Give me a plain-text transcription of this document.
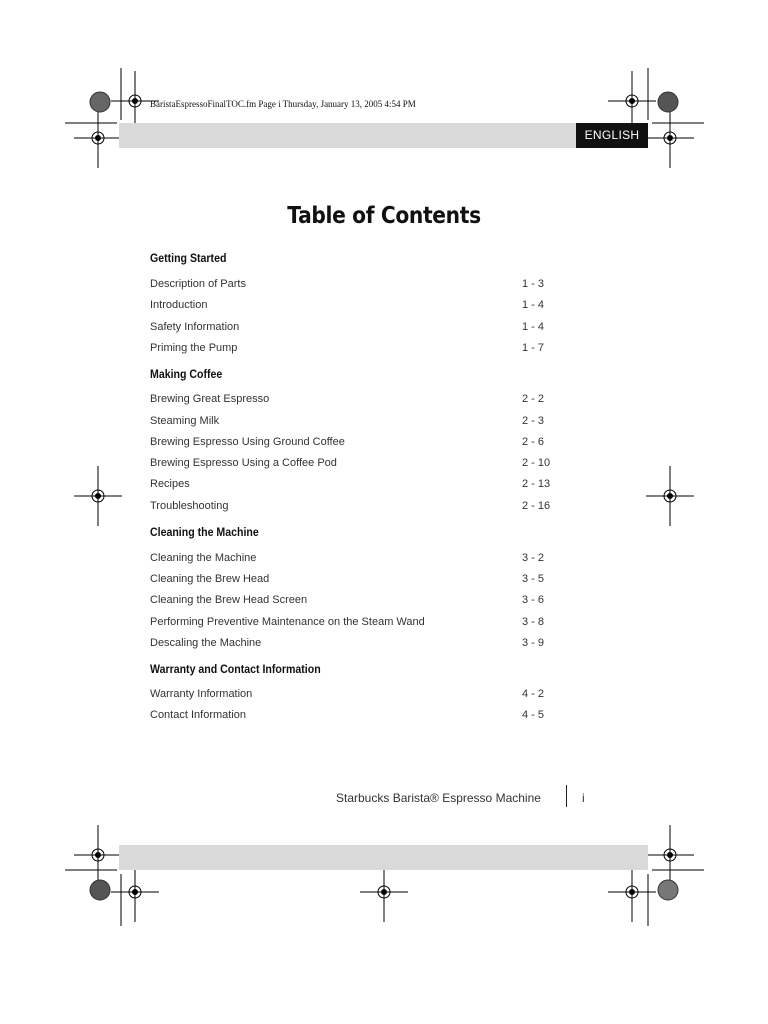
ENGLISH
BaristaEspressoFinalTOC.fm Page i Thursday, January 13, 2005 4:54 PM
Table of Contents
Getting Started
Description of Parts	1 - 3
Introduction	1 - 4
Safety Information	1 - 4
Priming the Pump	1 - 7
Making Coffee
Brewing Great Espresso	2 - 2
Steaming Milk	2 - 3
Brewing Espresso Using Ground Coffee	2 - 6
Brewing Espresso Using a Coffee Pod	2 - 10
Recipes	2 - 13
Troubleshooting	2 - 16
Cleaning the Machine
Cleaning the Machine	3 - 2
Cleaning the Brew Head	3 - 5
Cleaning the Brew Head Screen	3 - 6
Performing Preventive Maintenance on the Steam Wand	3 - 8
Descaling the Machine	3 - 9
Warranty and Contact Information
Warranty Information	4 - 2
Contact Information	4 - 5
Starbucks Barista® Espresso Machine	i
